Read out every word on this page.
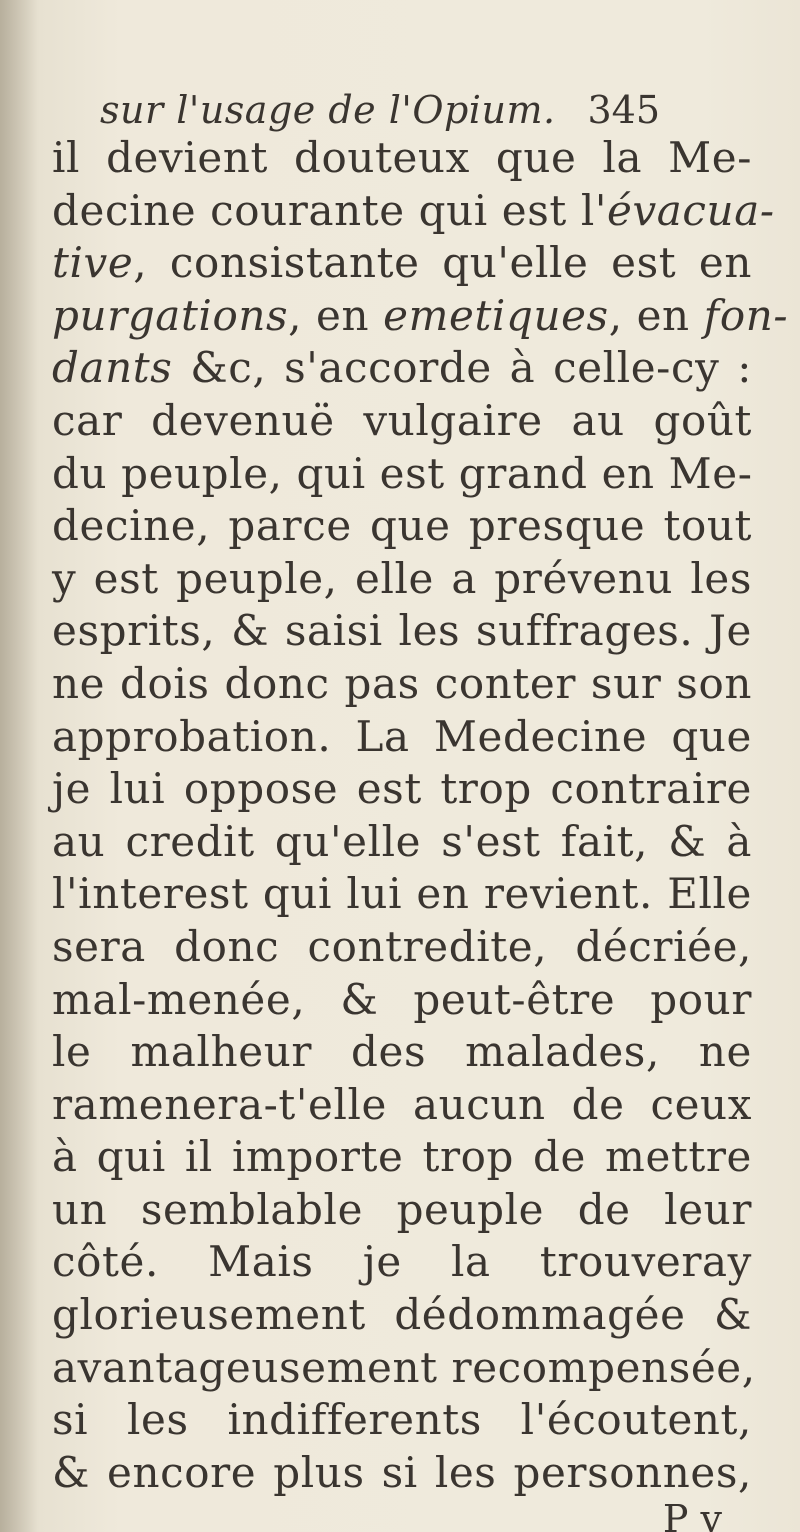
sur l'usage de l'Opium. 345
il devient douteux que la Me-
decine courante qui est l'évacua-
tive, consistante qu'elle est en
purgations, en emetiques, en fon-
dants &c, s'accorde à celle-cy :
car devenuë vulgaire au goût
du peuple, qui est grand en Me-
decine, parce que presque tout
y est peuple, elle a prévenu les
esprits, & saisi les suffrages. Je
ne dois donc pas conter sur son
approbation. La Medecine que
je lui oppose est trop contraire
au credit qu'elle s'est fait, & à
l'interest qui lui en revient. Elle
sera donc contredite, décriée,
mal-menée, & peut-être pour
le malheur des malades, ne
ramenera-t'elle aucun de ceux
à qui il importe trop de mettre
un semblable peuple de leur
côté. Mais je la trouveray
glorieusement dédommagée &
avantageusement recompensée,
si les indifferents l'écoutent,
& encore plus si les personnes,
P v
